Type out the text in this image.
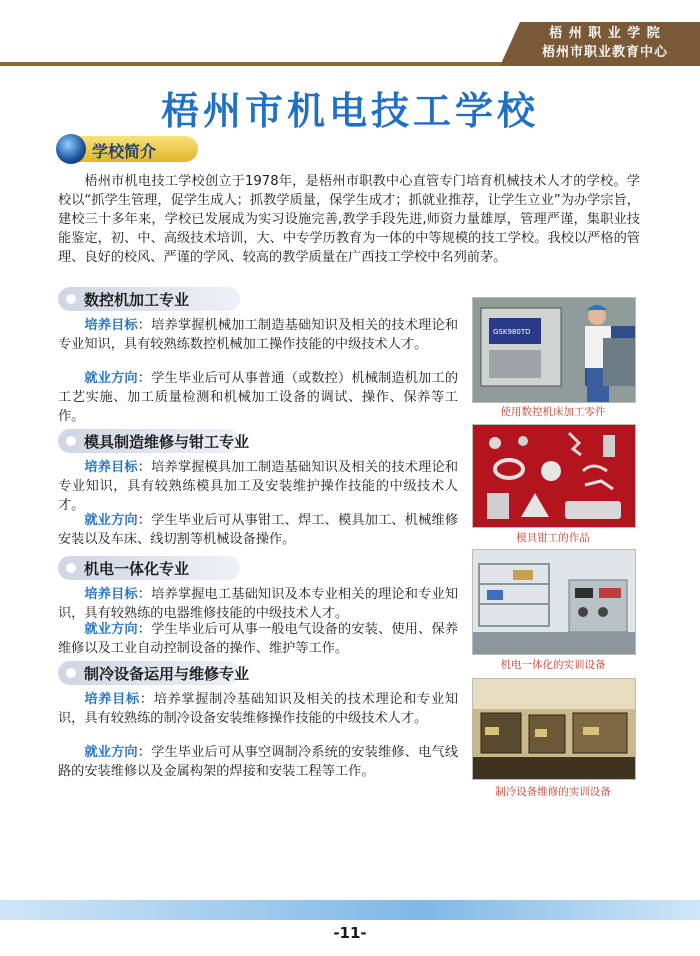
梧 州 职 业 学 院
梧州市职业教育中心
梧州市机电技工学校
学校简介
梧州市机电技工学校创立于1978年，是梧州市职教中心直管专门培育机械技术人才的学校。学校以“抓学生管理，促学生成人；抓教学质量，保学生成才；抓就业推荐，让学生立业”为办学宗旨，建校三十多年来，学校已发展成为实习设施完善,教学手段先进,师资力量雄厚，管理严谨，集职业技能鉴定，初、中、高级技术培训，大、中专学历教育为一体的中等规模的技工学校。我校以严格的管理、良好的校风、严谨的学风、较高的教学质量在广西技工学校中名列前茅。
数控机加工专业
培养目标：培养掌握机械加工制造基础知识及相关的技术理论和专业知识，具有较熟练数控机械加工操作技能的中级技术人才。
就业方向：学生毕业后可从事普通（或数控）机械制造机加工的工艺实施、加工质量检测和机械加工设备的调试、操作、保养等工作。
GSK980TD
使用数控机床加工零件
模具制造维修与钳工专业
培养目标：培养掌握模具加工制造基础知识及相关的技术理论和专业知识，具有较熟练模具加工及安装维护操作技能的中级技术人才。
就业方向：学生毕业后可从事钳工、焊工、模具加工、机械维修安装以及车床、线切割等机械设备操作。	模具钳工的作品
机电一体化专业
培养目标：培养掌握电工基础知识及本专业相关的理论和专业知识，具有较熟练的电器维修技能的中级技术人才。
就业方向：学生毕业后可从事一般电气设备的安装、使用、保养维修以及工业自动控制设备的操作、维护等工作。
机电一体化的实训设备
制冷设备运用与维修专业
培养目标：培养掌握制冷基础知识及相关的技术理论和专业知识，具有较熟练的制冷设备安装维修操作技能的中级技术人才。
就业方向：学生毕业后可从事空调制冷系统的安装维修、电气线路的安装维修以及金属构架的焊接和安装工程等工作。
制冷设备维修的实训设备
-11-
